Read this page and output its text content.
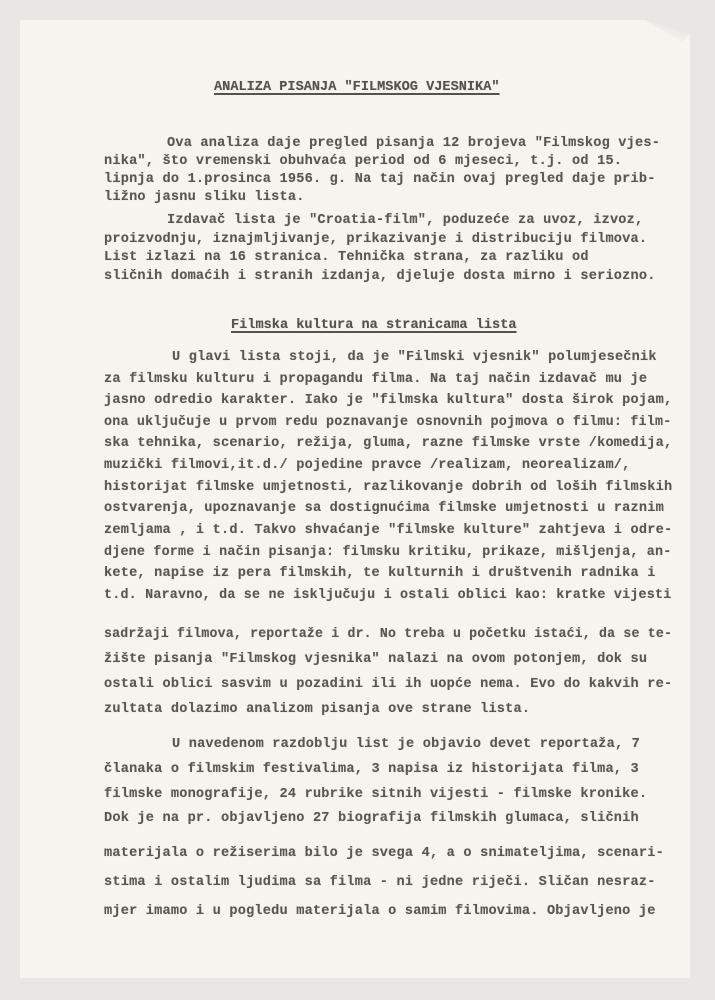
ANALIZA PISANJA "FILMSKOG VJESNIKA"
Ova analiza daje pregled pisanja 12 brojeva "Filmskog vjes-
nika", što vremenski obuhvaća period od 6 mjeseci, t.j. od 15.
lipnja do 1.prosinca 1956. g. Na taj način ovaj pregled daje prib-
ližno jasnu sliku lista.
Izdavač lista je "Croatia-film", poduzeće za uvoz, izvoz,
proizvodnju, iznajmljivanje, prikazivanje i distribuciju filmova.
List izlazi na 16 stranica. Tehnička strana, za razliku od
sličnih domaćih i stranih izdanja, djeluje dosta mirno i seriozno.
Filmska kultura na stranicama lista
U glavi lista stoji, da je "Filmski vjesnik" polumjesečnik
za filmsku kulturu i propagandu filma. Na taj način izdavač mu je
jasno odredio karakter. Iako je "filmska kultura" dosta širok pojam,
ona uključuje u prvom redu poznavanje osnovnih pojmova o filmu: film-
ska tehnika, scenario, režija, gluma, razne filmske vrste /komedija,
muzički filmovi,it.d./ pojedine pravce /realizam, neorealizam/,
historijat filmske umjetnosti, razlikovanje dobrih od loših filmskih
ostvarenja, upoznavanje sa dostignućima filmske umjetnosti u raznim
zemljama , i t.d. Takvo shvaćanje "filmske kulture" zahtjeva i odre-
djene forme i način pisanja: filmsku kritiku, prikaze, mišljenja, an-
kete, napise iz pera filmskih, te kulturnih i društvenih radnika i
t.d. Naravno, da se ne isključuju i ostali oblici kao: kratke vijesti
sadržaji filmova, reportaže i dr. No treba u početku istaći, da se te-
žište pisanja "Filmskog vjesnika" nalazi na ovom potonjem, dok su
ostali oblici sasvim u pozadini ili ih uopće nema. Evo do kakvih re-
zultata dolazimo analizom pisanja ove strane lista.
U navedenom razdoblju list je objavio devet reportaža, 7
članaka o filmskim festivalima, 3 napisa iz historijata filma, 3
filmske monografije, 24 rubrike sitnih vijesti - filmske kronike.
Dok je na pr. objavljeno 27 biografija filmskih glumaca, sličnih
materijala o režiserima bilo je svega 4, a o snimateljima, scenari-
stima i ostalim ljudima sa filma - ni jedne riječi. Sličan nesraz-
mjer imamo i u pogledu materijala o samim filmovima. Objavljeno je
